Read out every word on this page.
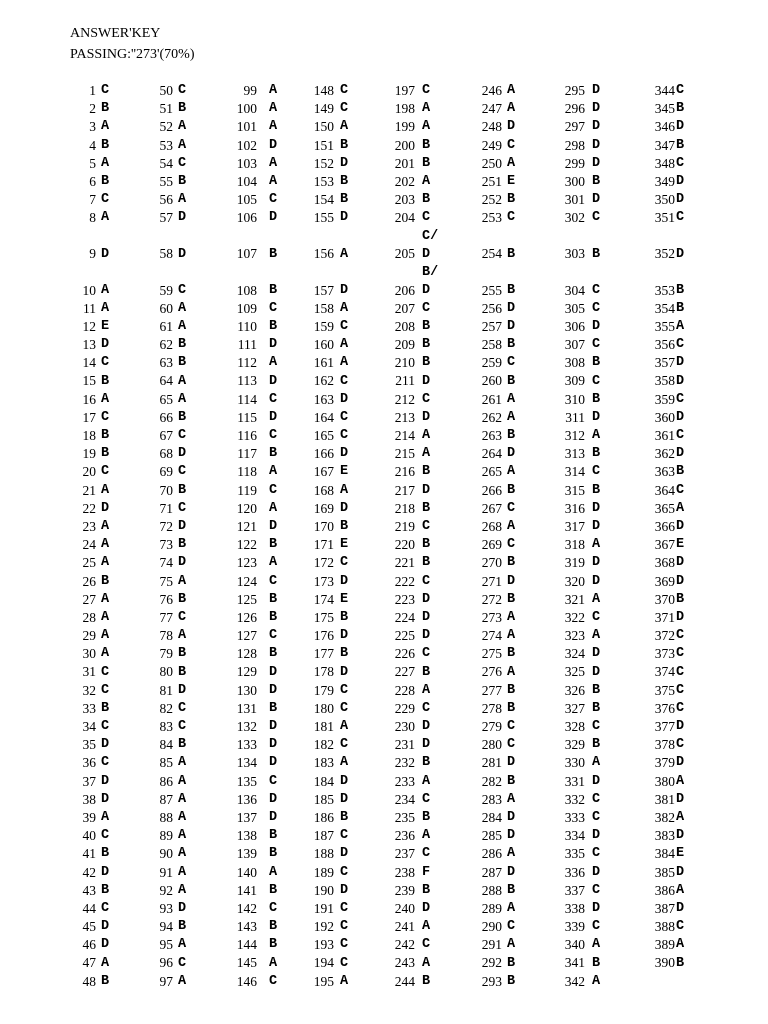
ANSWER'KEY
PASSING:''273'(70%)
1 C
2 B
3 A
4 B
5 A
6 B
7 C
8 A
9 D
10 A
11 A
12 E
13 D
14 C
15 B
16 A
17 C
18 B
19 B
20 C
21 A
22 D
23 A
24 A
25 A
26 B
27 A
28 A
29 A
30 A
31 C
32 C
33 B
34 C
35 D
36 C
37 D
38 D
39 A
40 C
41 B
42 D
43 B
44 C
45 D
46 D
47 A
48 B
50 C
51 B
52 A
53 A
54 C
55 B
56 A
57 D
58 D
59 C
60 A
61 A
62 B
63 B
64 A
65 A
66 B
67 C
68 D
69 C
70 B
71 C
72 D
73 B
74 D
75 A
76 B
77 C
78 A
79 B
80 B
81 D
82 C
83 C
84 B
85 A
86 A
87 A
88 A
89 A
90 A
91 A
92 A
93 D
94 B
95 A
96 C
97 A
99 A
100 A
101 A
102 D
103 A
104 A
105 C
106 D
107 B
108 B
109 C
110 B
111 D
112 A
113 D
114 C
115 D
116 C
117 B
118 A
119 C
120 A
121 D
122 B
123 A
124 C
125 B
126 B
127 C
128 B
129 D
130 D
131 B
132 D
133 D
134 D
135 C
136 D
137 D
138 B
139 B
140 A
141 B
142 C
143 B
144 B
145 A
146 C
148 C
149 C
150 A
151 B
152 D
153 B
154 B
155 D
156 A
157 D
158 A
159 C
160 A
161 A
162 C
163 D
164 C
165 C
166 D
167 E
168 A
169 D
170 B
171 E
172 C
173 D
174 E
175 B
176 D
177 B
178 D
179 C
180 C
181 A
182 C
183 A
184 D
185 D
186 B
187 C
188 D
189 C
190 D
191 C
192 C
193 C
194 C
195 A
197 C
198 A
199 A
200 B
201 B
202 A
203 B
204 C
205
C/
D
B/
206 D
207 C
208 B
209 B
210 B
211 D
212 C
213 D
214 A
215 A
216 B
217 D
218 B
219 C
220 B
221 B
222 C
223 D
224 D
225 D
226 C
227 B
228 A
229 C
230 D
231 D
232 B
233 A
234 C
235 B
236 A
237 C
238 F
239 B
240 D
241 A
242 C
243 A
244 B
246 A
247 A
248 D
249 C
250 A
251 E
252 B
253 C
254 B
255 B
256 D
257 D
258 B
259 C
260 B
261 A
262 A
263 B
264 D
265 A
266 B
267 C
268 A
269 C
270 B
271 D
272 B
273 A
274 A
275 B
276 A
277 B
278 B
279 C
280 C
281 D
282 B
283 A
284 D
285 D
286 A
287 D
288 B
289 A
290 C
291 A
292 B
293 B
295 D
296 D
297 D
298 D
299 D
300 B
301 D
302 C
303 B
304 C
305 C
306 D
307 C
308 B
309 C
310 B
311 D
312 A
313 B
314 C
315 B
316 D
317 D
318 A
319 D
320 D
321 A
322 C
323 A
324 D
325 D
326 B
327 B
328 C
329 B
330 A
331 D
332 C
333 C
334 D
335 C
336 D
337 C
338 D
339 C
340 A
341 B
342 A
344 C
345 B
346 D
347 B
348 C
349 D
350 D
351 C
352 D
353 B
354 B
355 A
356 C
357 D
358 D
359 C
360 D
361 C
362 D
363 B
364 C
365 A
366 D
367 E
368 D
369 D
370 B
371 D
372 C
373 C
374 C
375 C
376 C
377 D
378 C
379 D
380 A
381 D
382 A
383 D
384 E
385 D
386 A
387 D
388 C
389 A
390 B
